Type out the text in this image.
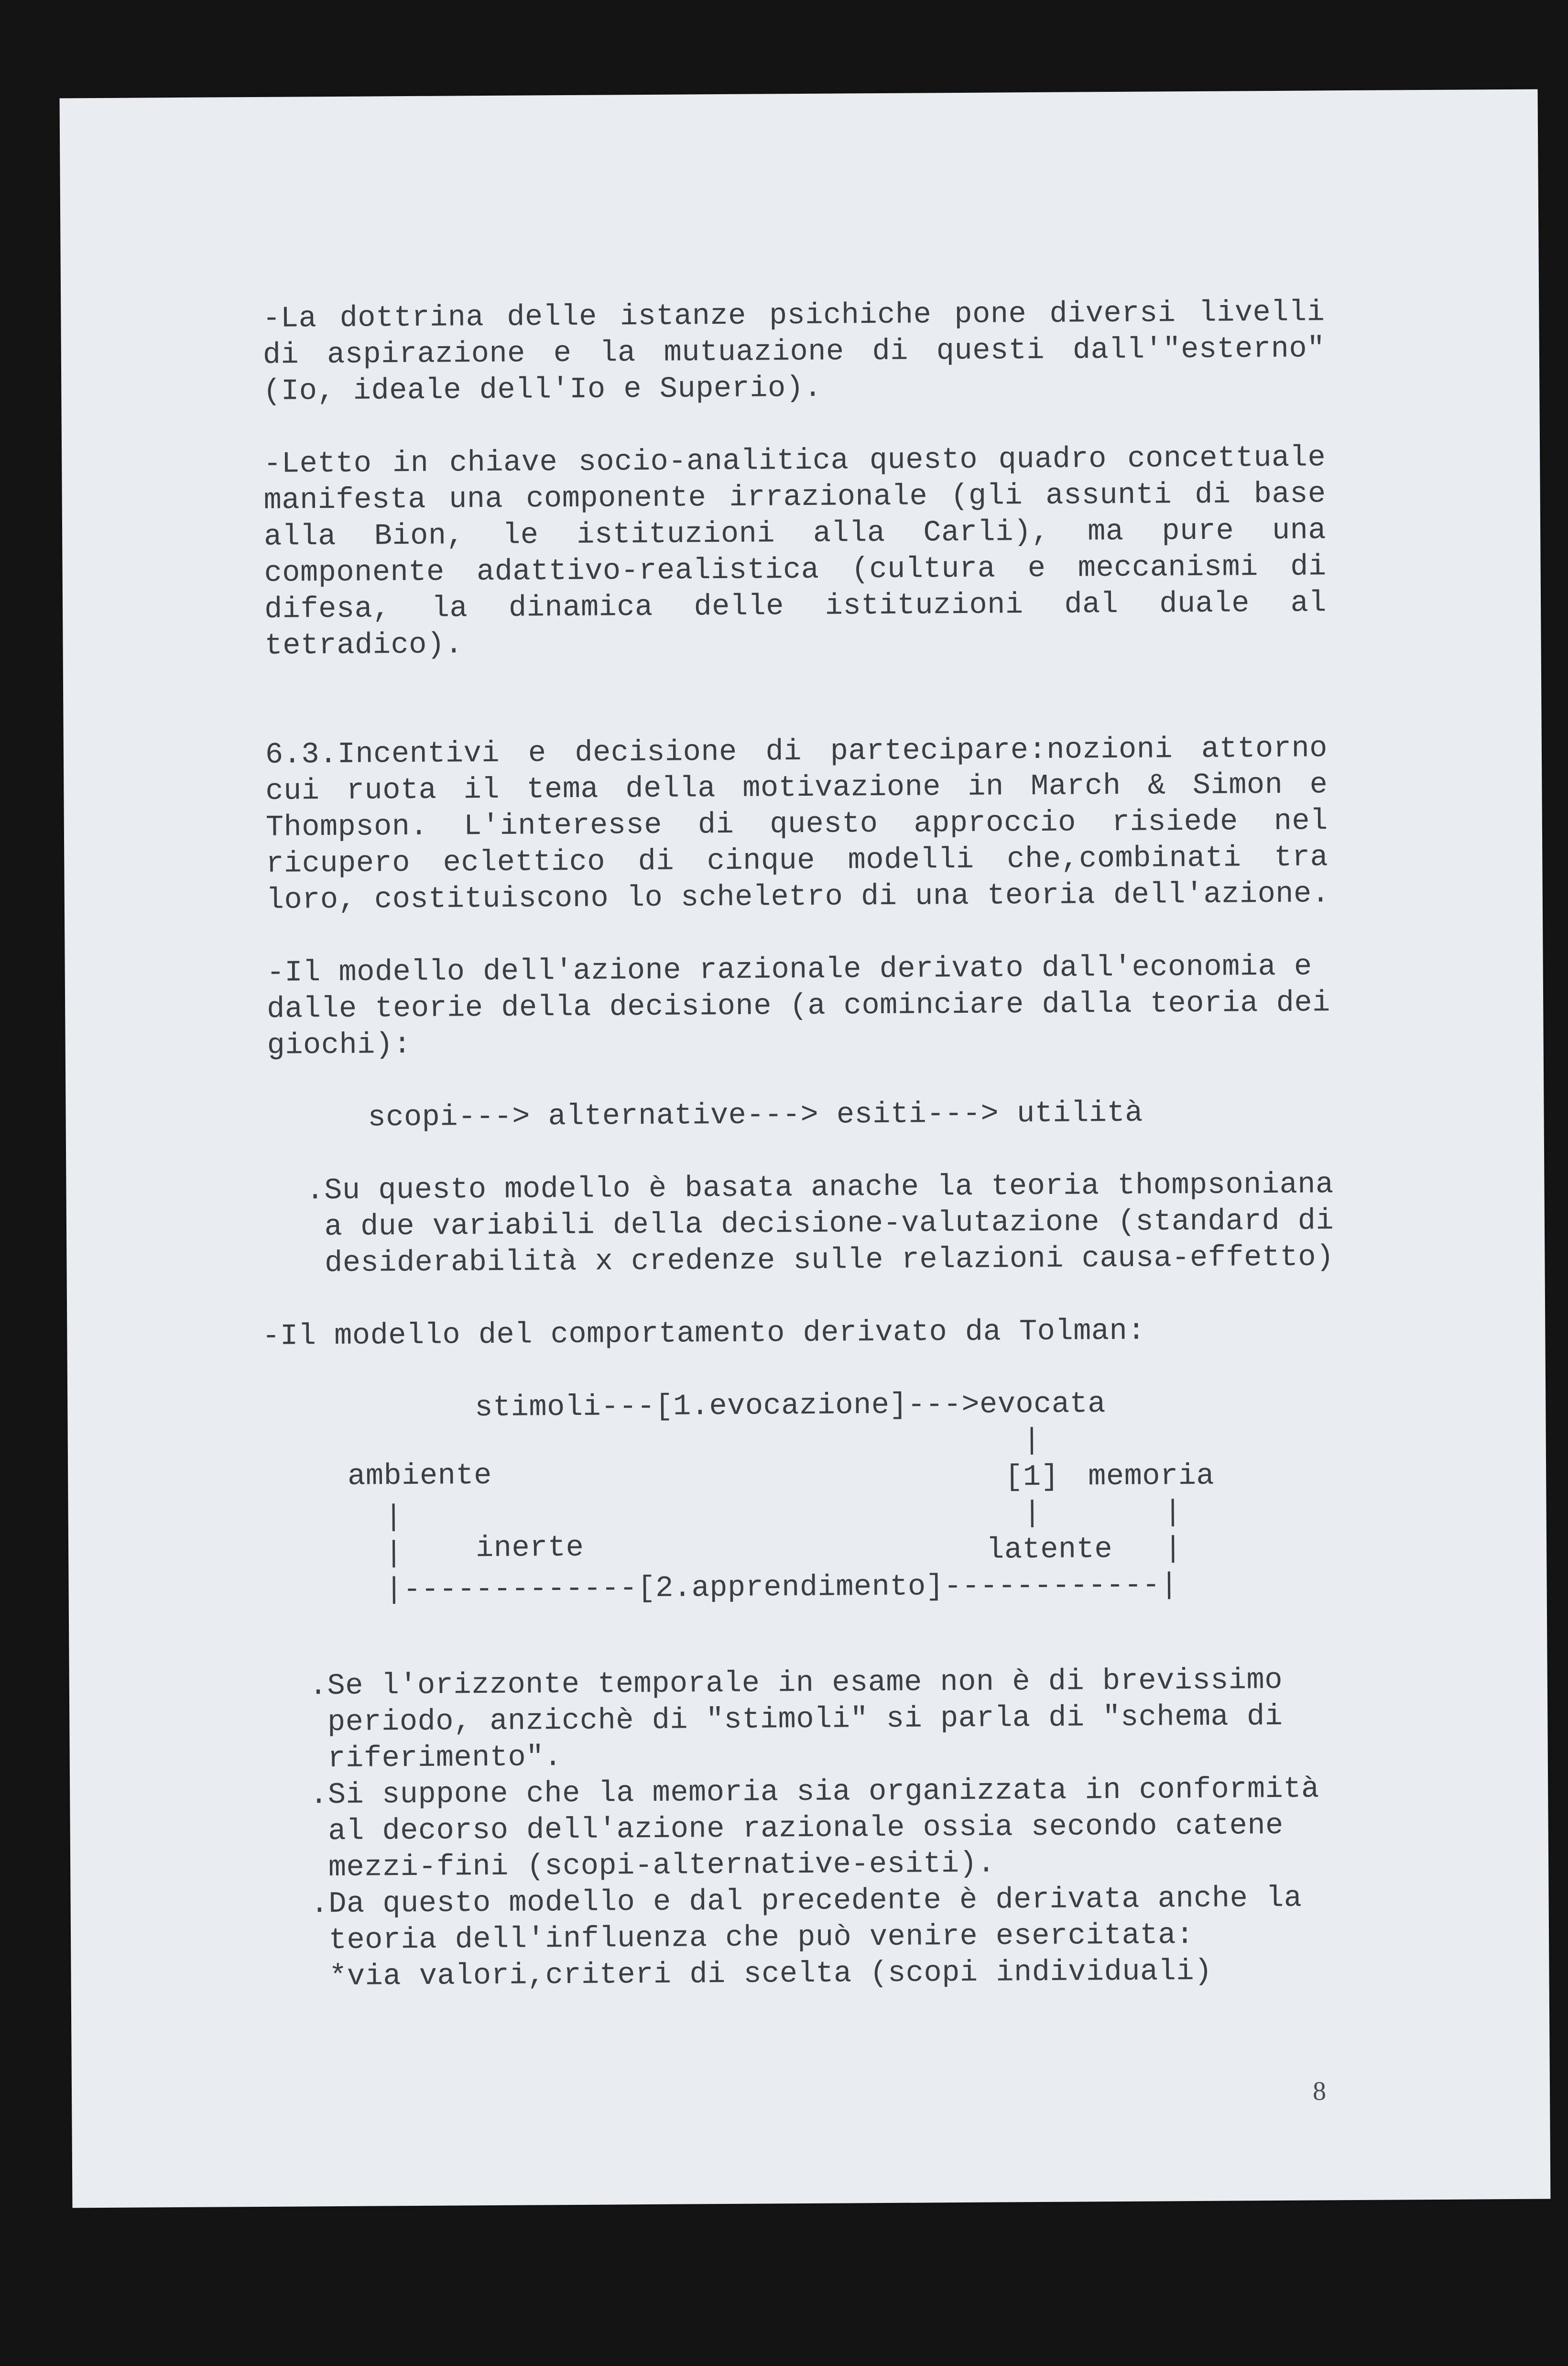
-La dottrina delle istanze psichiche pone diversi livelli
di aspirazione e la mutuazione di questi dall'"esterno"
(Io, ideale dell'Io e Superio).
-Letto in chiave socio-analitica questo quadro concettuale
manifesta una componente irrazionale (gli assunti di base
alla Bion, le istituzioni alla Carli), ma pure una
componente adattivo-realistica (cultura e meccanismi di
difesa, la dinamica delle istituzioni dal duale al
tetradico).
6.3.Incentivi e decisione di partecipare:nozioni attorno
cui ruota il tema della motivazione in March & Simon e
Thompson. L'interesse di questo approccio risiede nel
ricupero eclettico di cinque modelli che,combinati tra
loro, costituiscono lo scheletro di una teoria dell'azione.
-Il modello dell'azione razionale derivato dall'economia e
dalle teorie della decisione (a cominciare dalla teoria dei
giochi):
scopi---> alternative---> esiti---> utilità
.Su questo modello è basata anache la teoria thompsoniana
a due variabili della decisione-valutazione (standard di
desiderabilità x credenze sulle relazioni causa-effetto)
-Il modello del comportamento derivato da Tolman:
stimoli---[1.evocazione]--->evocata
|
ambiente	[1] memoria
|	|	|
| inerte	latente |
|-------------[2.apprendimento]------------|
.Se l'orizzonte temporale in esame non è di brevissimo
periodo, anzicchè di "stimoli" si parla di "schema di
riferimento".
.Si suppone che la memoria sia organizzata in conformità
al decorso dell'azione razionale ossia secondo catene
mezzi-fini (scopi-alternative-esiti).
.Da questo modello e dal precedente è derivata anche la
teoria dell'influenza che può venire esercitata:
*via valori,criteri di scelta (scopi individuali)
8
